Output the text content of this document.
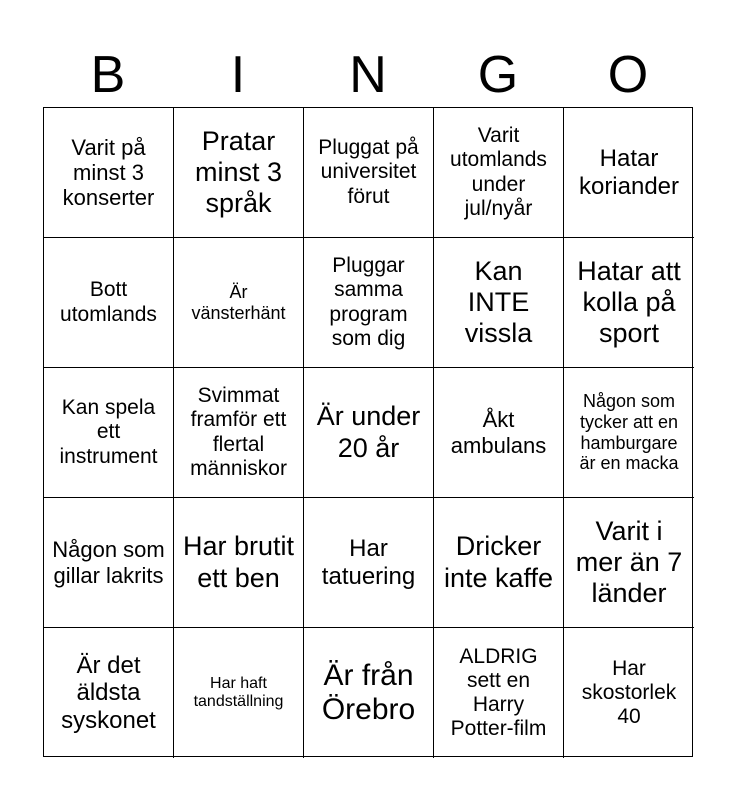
B	I	N	G	O
Varit på minst 3 konserter
Pratar minst 3 språk
Pluggat på universitet förut
Varit utomlands under jul/nyår
Hatar koriander
Bott utomlands
Är vänsterhänt
Pluggar samma program som dig
Kan INTE vissla
Hatar att kolla på sport
Kan spela ett instrument
Svimmat framför ett flertal människor
Är under 20 år
Åkt ambulans
Någon som tycker att en hamburgare är en macka
Någon som gillar lakrits
Har brutit ett ben
Har tatuering
Dricker inte kaffe
Varit i mer än 7 länder
Är det äldsta syskonet
Har haft tandställning
Är från Örebro
ALDRIG sett en Harry Potter-film
Har skostorlek 40
